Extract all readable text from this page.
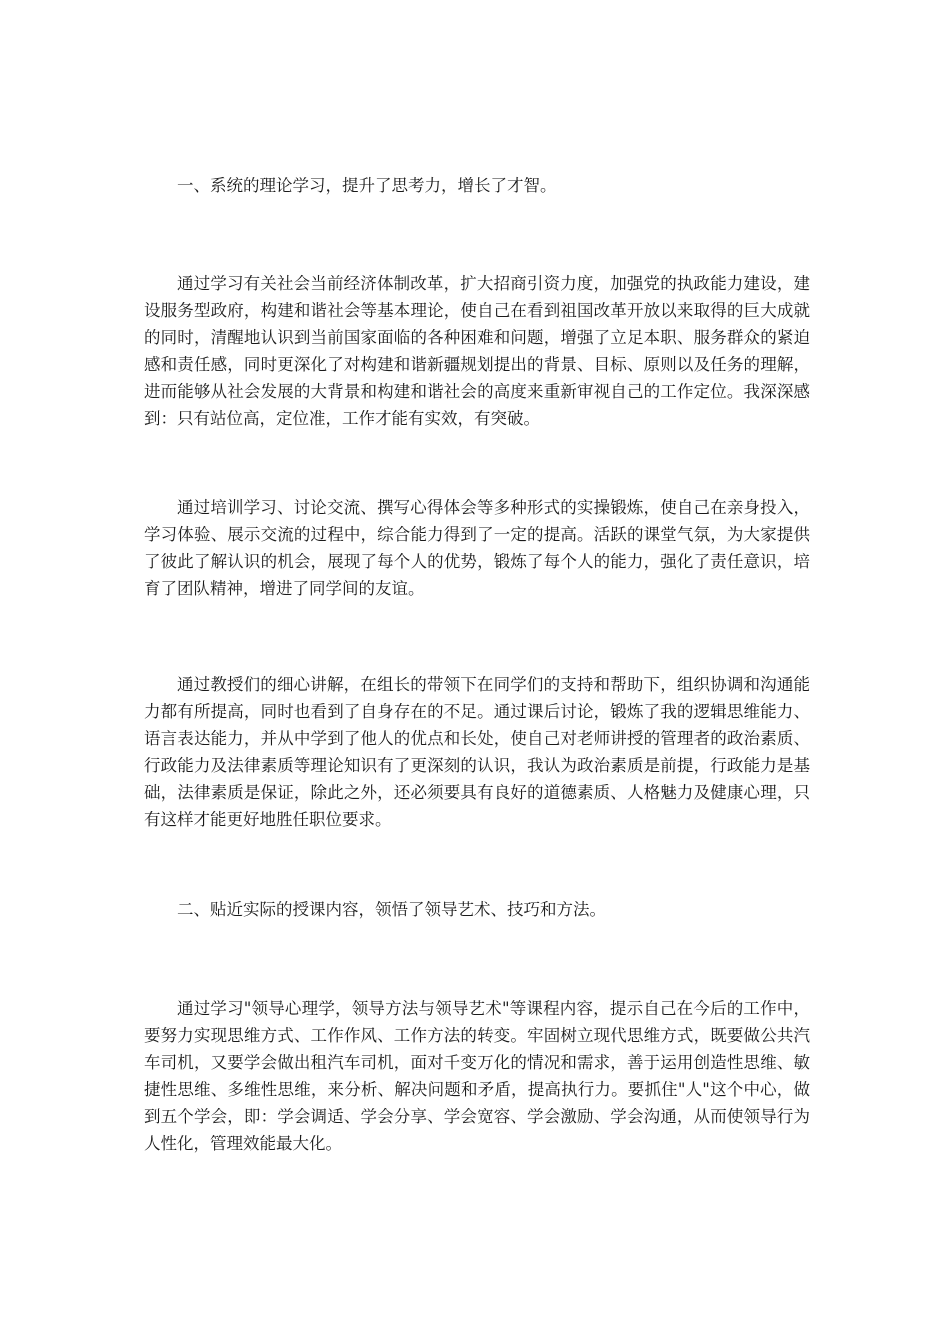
一、系统的理论学习，提升了思考力，增长了才智。

通过学习有关社会当前经济体制改革，扩大招商引资力度，加强党的执政能力建设，建设服务型政府，构建和谐社会等基本理论，使自己在看到祖国改革开放以来取得的巨大成就的同时，清醒地认识到当前国家面临的各种困难和问题，增强了立足本职、服务群众的紧迫感和责任感，同时更深化了对构建和谐新疆规划提出的背景、目标、原则以及任务的理解，进而能够从社会发展的大背景和构建和谐社会的高度来重新审视自己的工作定位。我深深感到：只有站位高，定位准，工作才能有实效，有突破。

通过培训学习、讨论交流、撰写心得体会等多种形式的实操锻炼，使自己在亲身投入，学习体验、展示交流的过程中，综合能力得到了一定的提高。活跃的课堂气氛，为大家提供了彼此了解认识的机会，展现了每个人的优势，锻炼了每个人的能力，强化了责任意识，培育了团队精神，增进了同学间的友谊。

通过教授们的细心讲解，在组长的带领下在同学们的支持和帮助下，组织协调和沟通能力都有所提高，同时也看到了自身存在的不足。通过课后讨论，锻炼了我的逻辑思维能力、语言表达能力，并从中学到了他人的优点和长处，使自己对老师讲授的管理者的政治素质、行政能力及法律素质等理论知识有了更深刻的认识，我认为政治素质是前提，行政能力是基础，法律素质是保证，除此之外，还必须要具有良好的道德素质、人格魅力及健康心理，只有这样才能更好地胜任职位要求。

二、贴近实际的授课内容，领悟了领导艺术、技巧和方法。

通过学习"领导心理学，领导方法与领导艺术"等课程内容，提示自己在今后的工作中，要努力实现思维方式、工作作风、工作方法的转变。牢固树立现代思维方式，既要做公共汽车司机，又要学会做出租汽车司机，面对千变万化的情况和需求，善于运用创造性思维、敏捷性思维、多维性思维，来分析、解决问题和矛盾，提高执行力。要抓住"人"这个中心，做到五个学会，即：学会调适、学会分享、学会宽容、学会激励、学会沟通，从而使领导行为人性化，管理效能最大化。
